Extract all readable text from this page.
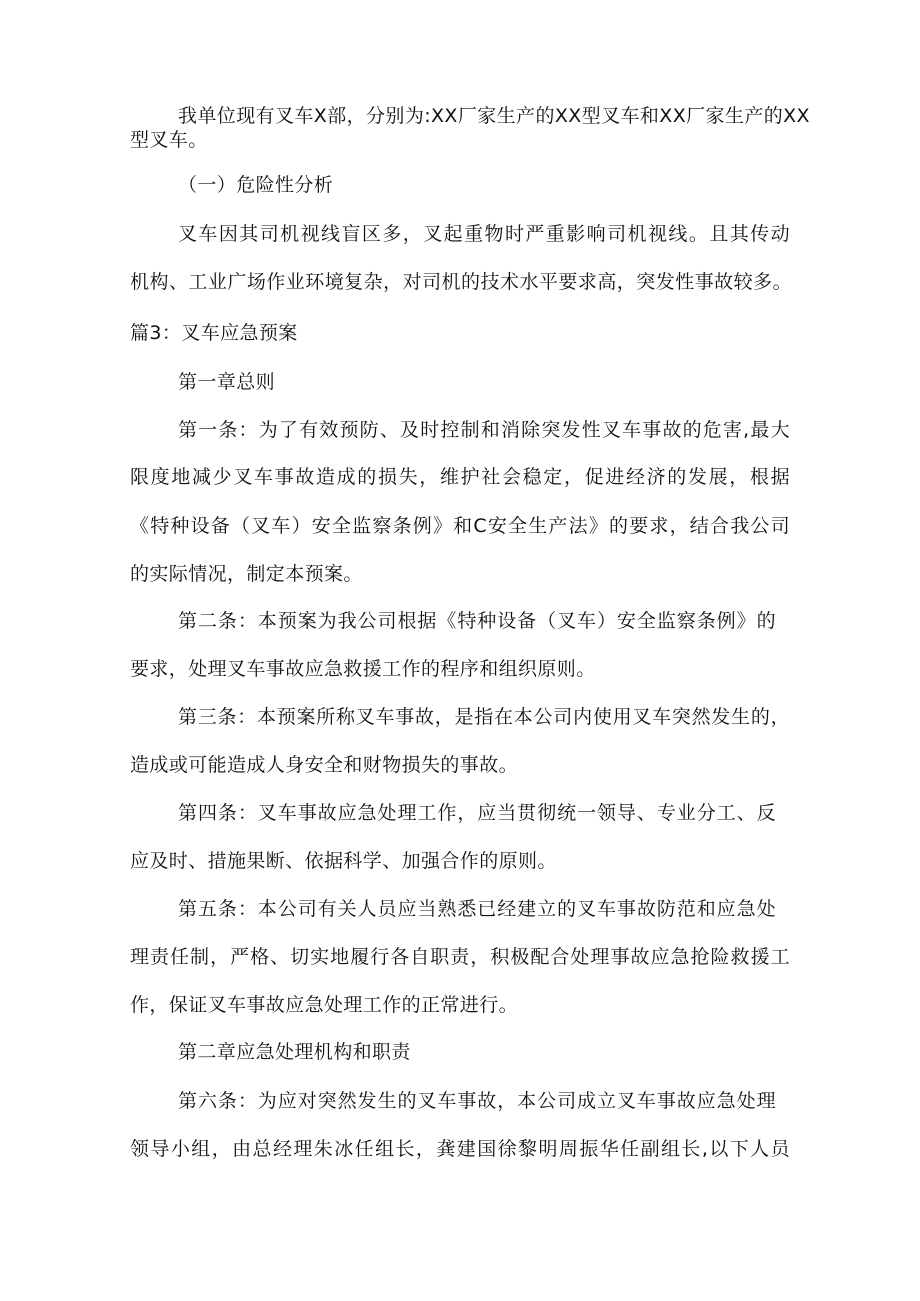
我单位现有叉车X部，分别为:XX厂家生产的XX型叉车和XX厂家生产的XX
型叉车。
（一）危险性分析
叉车因其司机视线盲区多，叉起重物时严重影响司机视线。且其传动
机构、工业广场作业环境复杂，对司机的技术水平要求高，突发性事故较多。
篇3：叉车应急预案
第一章总则
第一条：为了有效预防、及时控制和消除突发性叉车事故的危害,最大
限度地减少叉车事故造成的损失，维护社会稳定，促进经济的发展，根据
《特种设备（叉车）安全监察条例》和C安全生产法》的要求，结合我公司
的实际情况，制定本预案。
第二条：本预案为我公司根据《特种设备（叉车）安全监察条例》的
要求，处理叉车事故应急救援工作的程序和组织原则。
第三条：本预案所称叉车事故，是指在本公司内使用叉车突然发生的，
造成或可能造成人身安全和财物损失的事故。
第四条：叉车事故应急处理工作，应当贯彻统一领导、专业分工、反
应及时、措施果断、依据科学、加强合作的原则。
第五条：本公司有关人员应当熟悉已经建立的叉车事故防范和应急处
理责任制，严格、切实地履行各自职责，积极配合处理事故应急抢险救援工
作，保证叉车事故应急处理工作的正常进行。
第二章应急处理机构和职责
第六条：为应对突然发生的叉车事故，本公司成立叉车事故应急处理
领导小组，由总经理朱冰任组长，龚建国徐黎明周振华任副组长,以下人员
